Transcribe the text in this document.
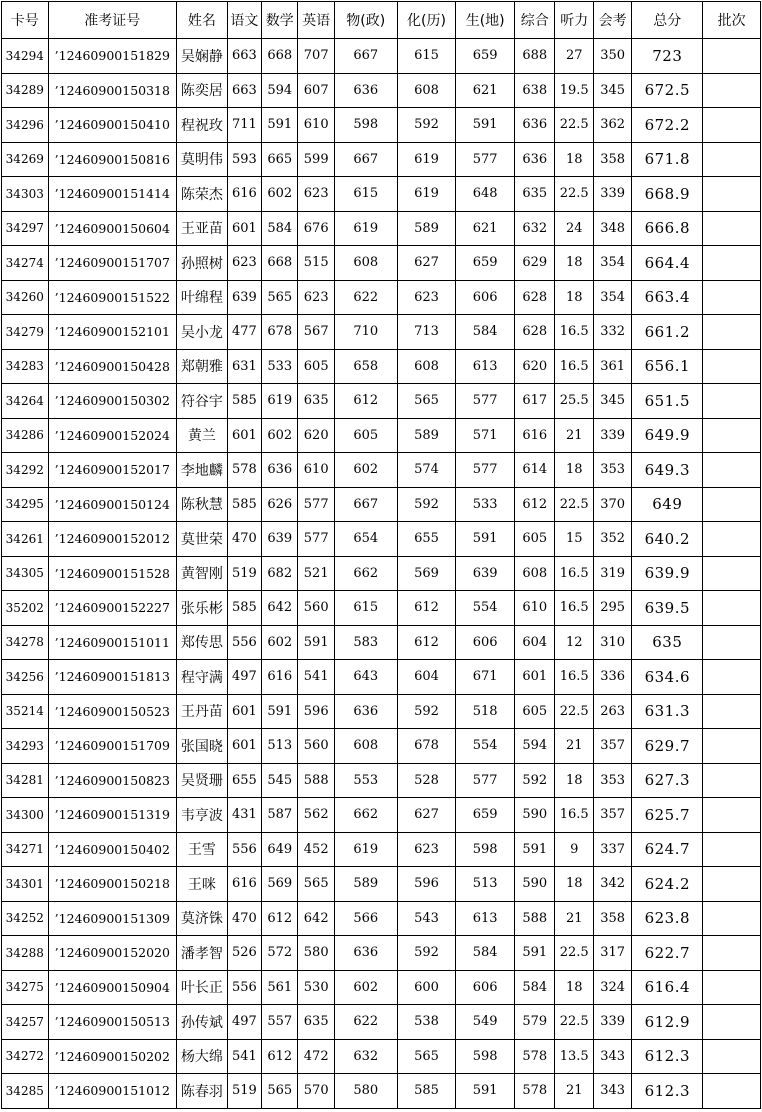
卡号	准考证号	姓名	语文	数学	英语	物(政)	化(历)	生(地)	综合	听力	会考	总分	批次
34294	’12460900151829	吴娴静	663	668	707	667	615	659	688	27	350	723	
34289	’12460900150318	陈奕居	663	594	607	636	608	621	638	19.5	345	672.5	
34296	’12460900150410	程祝玫	711	591	610	598	592	591	636	22.5	362	672.2	
34269	’12460900150816	莫明伟	593	665	599	667	619	577	636	18	358	671.8	
34303	’12460900151414	陈荣杰	616	602	623	615	619	648	635	22.5	339	668.9	
34297	’12460900150604	王亚苗	601	584	676	619	589	621	632	24	348	666.8	
34274	’12460900151707	孙照树	623	668	515	608	627	659	629	18	354	664.4	
34260	’12460900151522	叶绵程	639	565	623	622	623	606	628	18	354	663.4	
34279	’12460900152101	吴小龙	477	678	567	710	713	584	628	16.5	332	661.2	
34283	’12460900150428	郑朝雅	631	533	605	658	608	613	620	16.5	361	656.1	
34264	’12460900150302	符谷宇	585	619	635	612	565	577	617	25.5	345	651.5	
34286	’12460900152024	黄兰	601	602	620	605	589	571	616	21	339	649.9	
34292	’12460900152017	李地麟	578	636	610	602	574	577	614	18	353	649.3	
34295	’12460900150124	陈秋慧	585	626	577	667	592	533	612	22.5	370	649	
34261	’12460900152012	莫世荣	470	639	577	654	655	591	605	15	352	640.2	
34305	’12460900151528	黄智刚	519	682	521	662	569	639	608	16.5	319	639.9	
35202	’12460900152227	张乐彬	585	642	560	615	612	554	610	16.5	295	639.5	
34278	’12460900151011	郑传思	556	602	591	583	612	606	604	12	310	635	
34256	’12460900151813	程守满	497	616	541	643	604	671	601	16.5	336	634.6	
35214	’12460900150523	王丹苗	601	591	596	636	592	518	605	22.5	263	631.3	
34293	’12460900151709	张国晓	601	513	560	608	678	554	594	21	357	629.7	
34281	’12460900150823	吴贤珊	655	545	588	553	528	577	592	18	353	627.3	
34300	’12460900151319	韦亨波	431	587	562	662	627	659	590	16.5	357	625.7	
34271	’12460900150402	王雪	556	649	452	619	623	598	591	9	337	624.7	
34301	’12460900150218	王咪	616	569	565	589	596	513	590	18	342	624.2	
34252	’12460900151309	莫济铢	470	612	642	566	543	613	588	21	358	623.8	
34288	’12460900152020	潘孝智	526	572	580	636	592	584	591	22.5	317	622.7	
34275	’12460900150904	叶长正	556	561	530	602	600	606	584	18	324	616.4	
34257	’12460900150513	孙传斌	497	557	635	622	538	549	579	22.5	339	612.9	
34272	’12460900150202	杨大绵	541	612	472	632	565	598	578	13.5	343	612.3	
34285	’12460900151012	陈春羽	519	565	570	580	585	591	578	21	343	612.3	
